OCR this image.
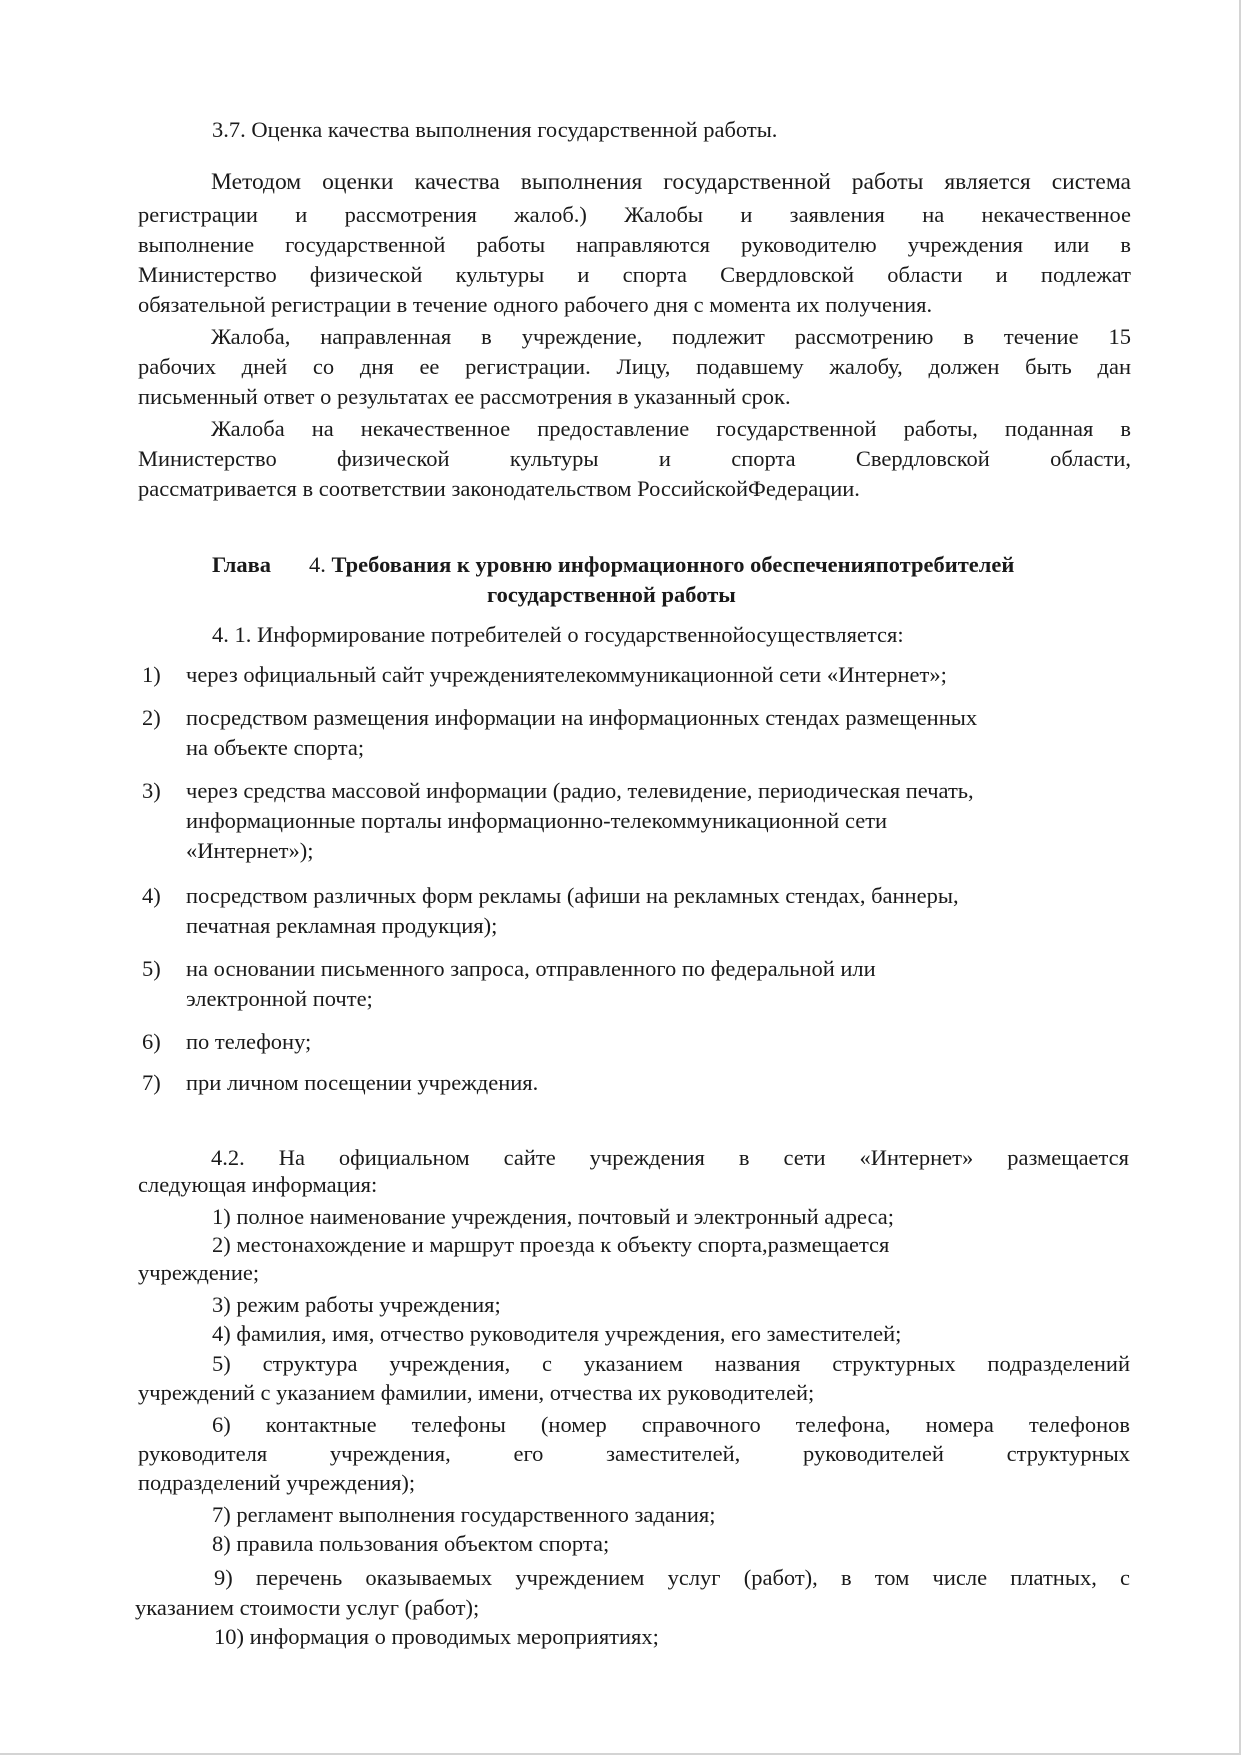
3.7. Оценка качества выполнения государственной работы.

Методом оценки качества выполнения государственной работы является система

регистрации и рассмотрения жалоб.) Жалобы и заявления на некачественное

выполнение государственной работы направляются руководителю учреждения или в

Министерство физической культуры и спорта Свердловской области и подлежат

обязательной регистрации в течение одного рабочего дня с момента их получения.

Жалоба, направленная в учреждение, подлежит рассмотрению в течение 15

рабочих дней со дня ее регистрации. Лицу, подавшему жалобу, должен быть дан

письменный ответ о результатах ее рассмотрения в указанный срок.

Жалоба на некачественное предоставление государственной работы, поданная в

Министерство физической культуры и спорта Свердловской области,

рассматривается в соответствии законодательством РоссийскойФедерации.

Глава 4. Требования к уровню информационного обеспеченияпотребителей

государственной работы

4. 1. Информирование потребителей о государственнойосуществляется:

1) через официальный сайт учреждениятелекоммуникационной сети «Интернет»;

2) посредством размещения информации на информационных стендах размещенных

на объекте спорта;

3) через средства массовой информации (радио, телевидение, периодическая печать,

информационные порталы информационно-телекоммуникационной сети

«Интернет»);

4) посредством различных форм рекламы (афиши на рекламных стендах, баннеры,

печатная рекламная продукция);

5) на основании письменного запроса, отправленного по федеральной или

электронной почте;

6) по телефону;

7) при личном посещении учреждения.

4.2. На официальном сайте учреждения в сети «Интернет» размещается

следующая информация:

1) полное наименование учреждения, почтовый и электронный адреса;

2) местонахождение и маршрут проезда к объекту спорта,размещается

учреждение;

3) режим работы учреждения;

4) фамилия, имя, отчество руководителя учреждения, его заместителей;

5) структура учреждения, с указанием названия структурных подразделений

учреждений с указанием фамилии, имени, отчества их руководителей;

6) контактные телефоны (номер справочного телефона, номера телефонов

руководителя учреждения, его заместителей, руководителей структурных

подразделений учреждения);

7) регламент выполнения государственного задания;

8) правила пользования объектом спорта;

9) перечень оказываемых учреждением услуг (работ), в том числе платных, с

указанием стоимости услуг (работ);

10) информация о проводимых мероприятиях;
